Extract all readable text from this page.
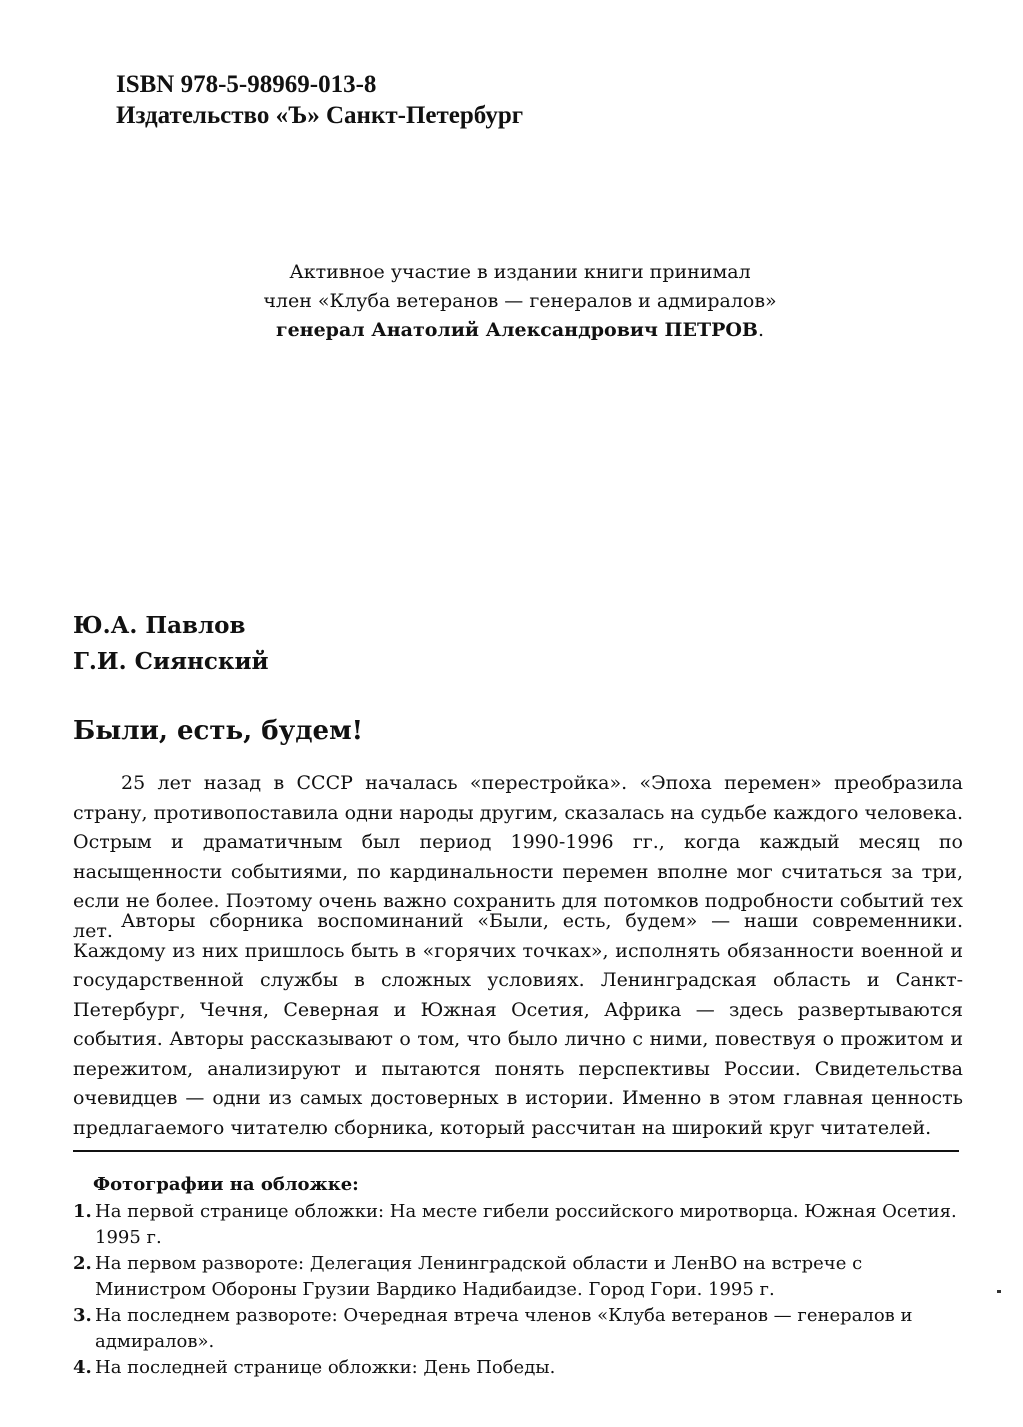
ISBN 978-5-98969-013-8
Издательство «Ъ» Санкт-Петербург
Активное участие в издании книги принимал
член «Клуба ветеранов — генералов и адмиралов»
генерал Анатолий Александрович ПЕТРОВ.
Ю.А. Павлов
Г.И. Сиянский
Были, есть, будем!

25 лет назад в СССР началась «перестройка». «Эпоха перемен» преобразила страну, противопоставила одни народы другим, сказалась на судьбе каждого человека. Острым и драматичным был период 1990-1996 гг., когда каждый месяц по насыщенности событиями, по кардинальности перемен вполне мог считаться за три, если не более. Поэтому очень важно сохранить для потомков подробности событий тех лет. Авторы сборника воспоминаний «Были, есть, будем» — наши современники. Каждому из них пришлось быть в «горячих точках», исполнять обязанности военной и государственной службы в сложных условиях. Ленинградская область и Санкт-Петербург, Чечня, Северная и Южная Осетия, Африка — здесь развертываются события. Авторы рассказывают о том, что было лично с ними, повествуя о прожитом и пережитом, анализируют и пытаются понять перспективы России. Свидетельства очевидцев — одни из самых достоверных в истории. Именно в этом главная ценность предлагаемого читателю сборника, который рассчитан на широкий круг читателей.

Фотографии на обложке:
1. На первой странице обложки: На месте гибели российского миротворца. Южная Осетия. 1995 г.
2. На первом развороте: Делегация Ленинградской области и ЛенВО на встрече с Министром Обороны Грузии Вардико Надибаидзе. Город Гори. 1995 г.
3. На последнем развороте: Очередная втреча членов «Клуба ветеранов — генералов и адмиралов».
4. На последней странице обложки: День Победы.
